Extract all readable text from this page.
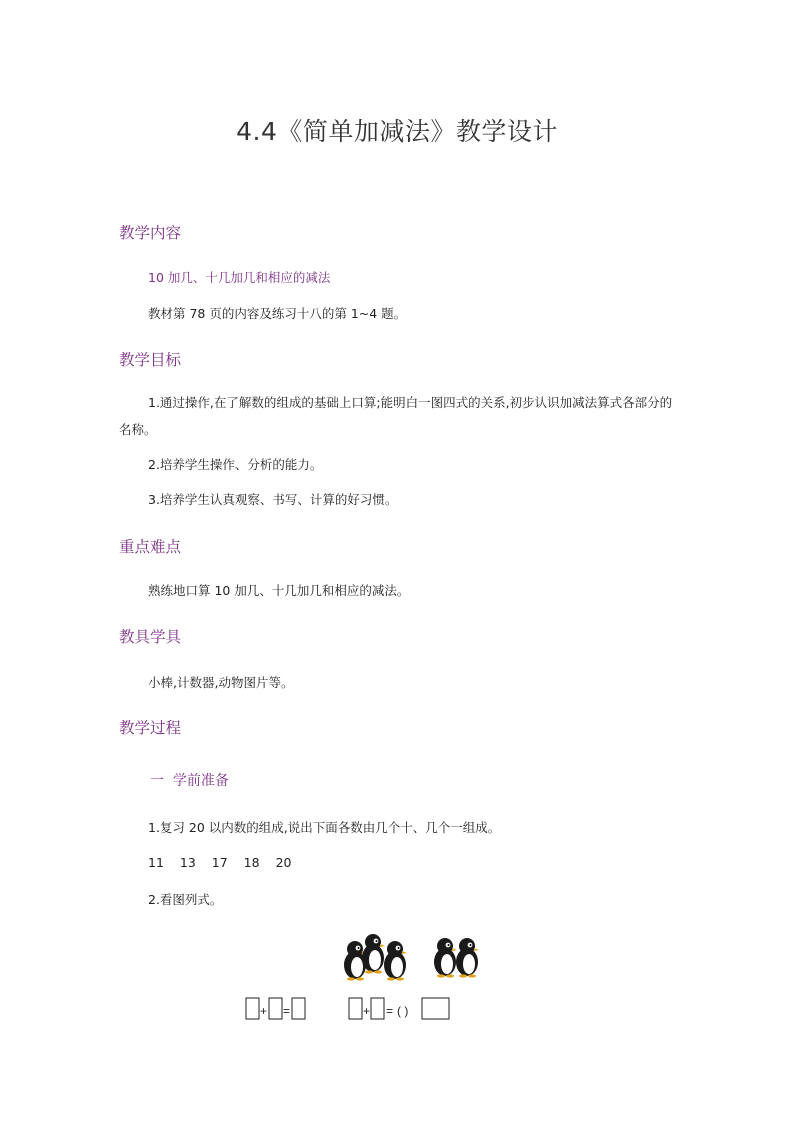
4.4《简单加减法》教学设计
教学内容
10 加几、十几加几和相应的减法
教材第 78 页的内容及练习十八的第 1~4 题。
教学目标
1.通过操作,在了解数的组成的基础上口算;能明白一图四式的关系,初步认识加减法算式各部分的名称。
2.培养学生操作、分析的能力。
3.培养学生认真观察、书写、计算的好习惯。
重点难点
熟练地口算 10 加几、十几加几和相应的减法。
教具学具
小棒,计数器,动物图片等。
教学过程
一  学前准备
1.复习 20 以内数的组成,说出下面各数由几个十、几个一组成。
11 13 17 18 20
2.看图列式。
+ =	+ = ( )
